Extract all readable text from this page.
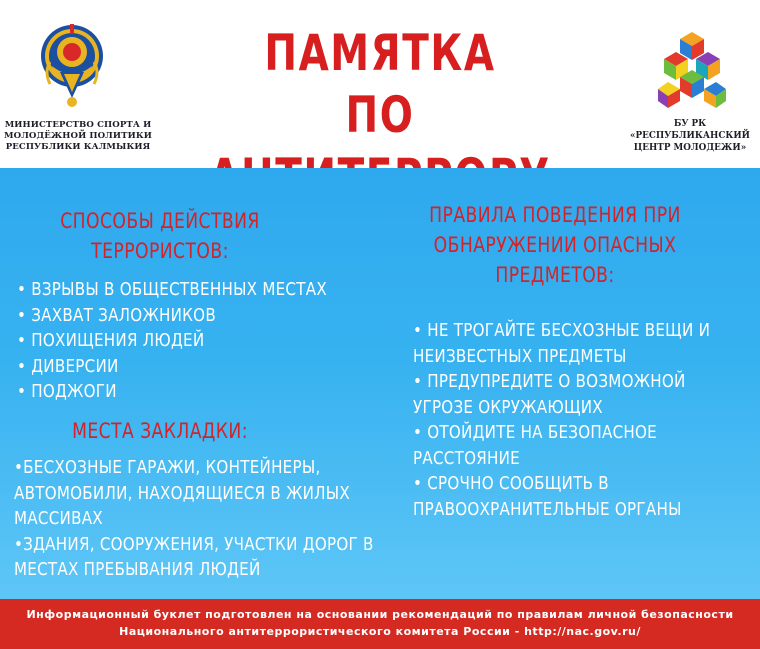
МИНИСТЕРСТВО СПОРТА И
МОЛОДЁЖНОЙ ПОЛИТИКИ
РЕСПУБЛИКИ КАЛМЫКИЯ
ПАМЯТКА
ПО	БУ РК
«РЕСПУБЛИКАНСКИЙ
ЦЕНТР МОЛОДЕЖИ»
СПОСОБЫ ДЕЙСТВИЯ
ТЕРРОРИСТОВ:
• ВЗРЫВЫ В ОБЩЕСТВЕННЫХ МЕСТАХ
• ЗАХВАТ ЗАЛОЖНИКОВ
• ПОХИЩЕНИЯ ЛЮДЕЙ
• ДИВЕРСИИ
• ПОДЖОГИ
МЕСТА ЗАКЛАДКИ:
•БЕСХОЗНЫЕ ГАРАЖИ, КОНТЕЙНЕРЫ,
АВТОМОБИЛИ, НАХОДЯЩИЕСЯ В ЖИЛЫХ
МАССИВАХ
•ЗДАНИЯ, СООРУЖЕНИЯ, УЧАСТКИ ДОРОГ В
МЕСТАХ ПРЕБЫВАНИЯ ЛЮДЕЙ
ПРАВИЛА ПОВЕДЕНИЯ ПРИ
ОБНАРУЖЕНИИ ОПАСНЫХ
ПРЕДМЕТОВ:
• НЕ ТРОГАЙТЕ БЕСХОЗНЫЕ ВЕЩИ И
НЕИЗВЕСТНЫХ ПРЕДМЕТЫ
• ПРЕДУПРЕДИТЕ О ВОЗМОЖНОЙ
УГРОЗЕ ОКРУЖАЮЩИХ
• ОТОЙДИТЕ НА БЕЗОПАСНОЕ
РАССТОЯНИЕ
• СРОЧНО СООБЩИТЬ В
ПРАВООХРАНИТЕЛЬНЫЕ ОРГАНЫ
Информационный буклет подготовлен на основании рекомендаций по правилам личной безопасности
Национального антитеррористического комитета России - http://nac.gov.ru/
